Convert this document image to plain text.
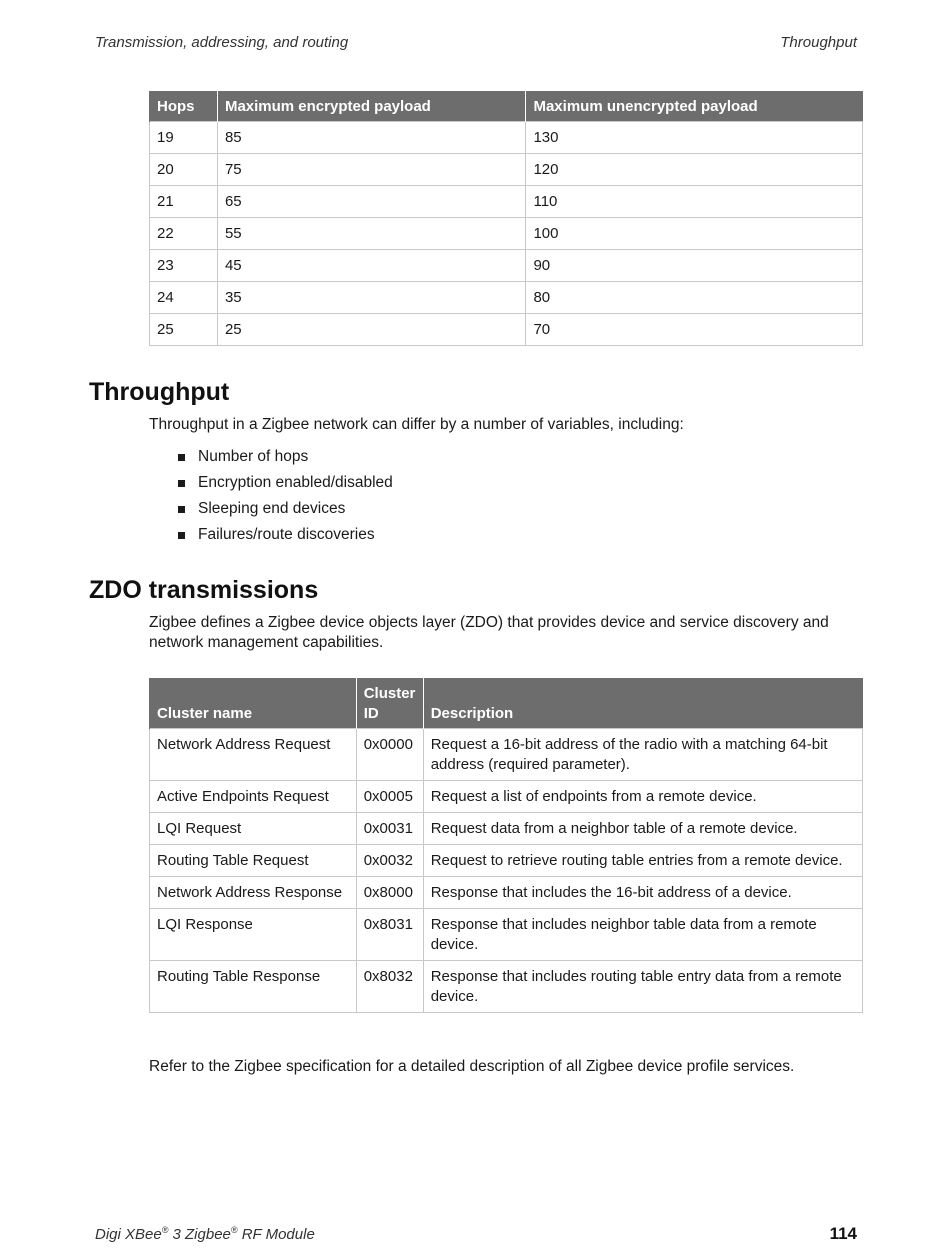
Transmission, addressing, and routing	Throughput
Hops	Maximum encrypted payload	Maximum unencrypted payload
19	85	130
20	75	120
21	65	110
22	55	100
23	45	90
24	35	80
25	25	70
Throughput

Throughput in a Zigbee network can differ by a number of variables, including:

Number of hops
Encryption enabled/disabled
Sleeping end devices
Failures/route discoveries
ZDO transmissions

Zigbee defines a Zigbee device objects layer (ZDO) that provides device and service discovery and network management capabilities.

Cluster name	Cluster ID	Description
Network Address Request	0x0000	Request a 16-bit address of the radio with a matching 64-bit address (required parameter).
Active Endpoints Request	0x0005	Request a list of endpoints from a remote device.
LQI Request	0x0031	Request data from a neighbor table of a remote device.
Routing Table Request	0x0032	Request to retrieve routing table entries from a remote device.
Network Address Response	0x8000	Response that includes the 16-bit address of a device.
LQI Response	0x8031	Response that includes neighbor table data from a remote device.
Routing Table Response	0x8032	Response that includes routing table entry data from a remote device.

Refer to the Zigbee specification for a detailed description of all Zigbee device profile services.

Digi XBee® 3 Zigbee® RF Module	114
